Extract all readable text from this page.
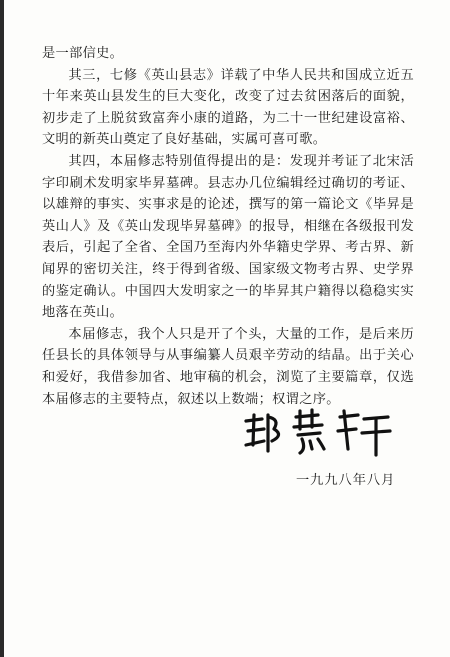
是一部信史。

其三，七修《英山县志》详载了中华人民共和国成立近五十年来英山县发生的巨大变化，改变了过去贫困落后的面貌，初步走了上脱贫致富奔小康的道路，为二十一世纪建设富裕、文明的新英山奠定了良好基础，实属可喜可歌。

其四，本届修志特别值得提出的是：发现并考证了北宋活字印刷术发明家毕昇墓碑。县志办几位编辑经过确切的考证、以雄辩的事实、实事求是的论述，撰写的第一篇论文《毕昇是英山人》及《英山发现毕昇墓碑》的报导，相继在各级报刊发表后，引起了全省、全国乃至海内外华籍史学界、考古界、新闻界的密切关注，终于得到省级、国家级文物考古界、史学界的鉴定确认。中国四大发明家之一的毕昇其户籍得以稳稳实实地落在英山。

本届修志，我个人只是开了个头，大量的工作，是后来历任县长的具体领导与从事编纂人员艰辛劳动的结晶。出于关心和爱好，我借参加省、地审稿的机会，浏览了主要篇章，仅选本届修志的主要特点，叙述以上数端；权谓之序。

一九九八年八月
